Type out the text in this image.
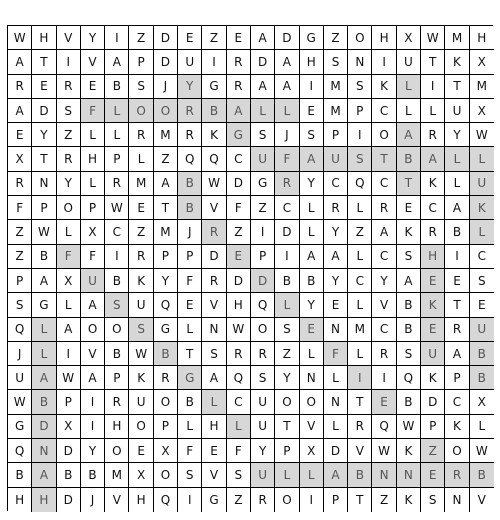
W	H	V	Y	I	Z	D	E	Z	E	A	D	G	Z	O	H	X	W	M	H
A	T	I	V	A	P	D	U	I	R	D	A	H	S	N	I	U	T	K	X
R	E	R	E	B	S	J	Y	G	R	A	A	I	M	S	K	L	I	T	M
A	D	S	F	L	O	O	R	B	A	L	L	E	M	P	C	L	L	U	X
E	Y	Z	L	L	R	M	R	K	G	S	J	S	P	I	O	A	R	Y	W
X	T	R	H	P	L	Z	Q	Q	C	U	F	A	U	S	T	B	A	L	L
R	N	Y	L	R	M	A	B	W	D	G	R	Y	C	Q	C	T	K	L	U
F	P	O	P	W	E	T	B	V	F	Z	C	L	R	L	R	E	C	A	K
Z	W	L	X	C	Z	M	J	R	Z	I	D	L	Y	Z	A	K	R	B	L
Z	B	F	F	I	R	P	P	D	E	P	I	A	A	L	C	S	H	I	C
P	A	X	U	B	K	Y	F	R	D	D	B	B	Y	C	Y	A	E	E	S
S	G	L	A	S	U	Q	E	V	H	Q	L	Y	E	L	V	B	K	T	E
Q	L	A	O	O	S	G	L	N	W	O	S	E	N	M	C	B	E	R	U
J	L	I	V	B	W	B	T	S	R	R	Z	L	F	L	R	S	U	A	B
U	A	W	A	P	K	R	G	A	Q	S	Y	N	L	I	I	Q	K	P	B
W	B	P	I	R	U	O	B	L	C	U	O	O	N	T	E	B	D	C	X
G	D	X	I	H	O	P	L	H	L	U	T	V	L	R	Q	W	P	K	L
Q	N	D	Y	O	E	X	F	E	F	Y	P	X	D	V	W	K	Z	O	W
B	A	B	B	M	X	O	S	V	S	U	L	L	A	B	N	N	E	R	B
H	H	D	J	V	H	Q	I	G	Z	R	O	I	P	T	Z	K	S	N	V
